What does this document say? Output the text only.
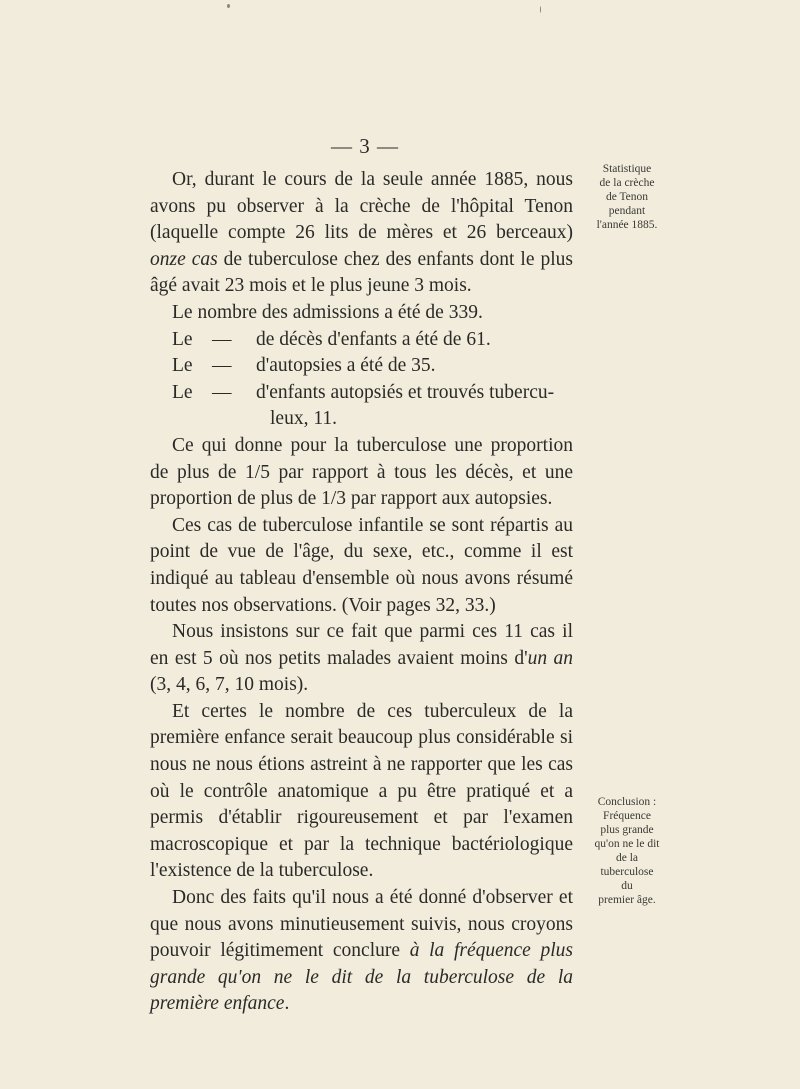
— 3 —

Or, durant le cours de la seule année 1885, nous avons pu observer à la crèche de l'hôpital Tenon (laquelle compte 26 lits de mères et 26 berceaux) onze cas de tuberculose chez des enfants dont le plus âgé avait 23 mois et le plus jeune 3 mois.

Le nombre des admissions a été de 339.

Le —	de décès d'enfants a été de 61.
Le —	d'autopsies a été de 35.
Le —	d'enfants autopsiés et trouvés tubercu-
leux, 11.

Ce qui donne pour la tuberculose une proportion de plus de 1/5 par rapport à tous les décès, et une proportion de plus de 1/3 par rapport aux autopsies.

Ces cas de tuberculose infantile se sont répartis au point de vue de l'âge, du sexe, etc., comme il est indiqué au tableau d'ensemble où nous avons résumé toutes nos observations. (Voir pages 32, 33.)

Nous insistons sur ce fait que parmi ces 11 cas il en est 5 où nos petits malades avaient moins d'un an (3, 4, 6, 7, 10 mois).

Et certes le nombre de ces tuberculeux de la première enfance serait beaucoup plus considérable si nous ne nous étions astreint à ne rapporter que les cas où le contrôle anatomique a pu être pratiqué et a permis d'établir rigoureusement et par l'examen macroscopique et par la technique bactériologique l'existence de la tuberculose.

Donc des faits qu'il nous a été donné d'observer et que nous avons minutieusement suivis, nous croyons pouvoir légitimement conclure à la fréquence plus grande qu'on ne le dit de la tuberculose de la première enfance.

Statistique
de la crèche
de Tenon
pendant
l'année 1885.
Conclusion :
Fréquence
plus grande
qu'on ne le dit
de la
tuberculose
du
premier âge.
